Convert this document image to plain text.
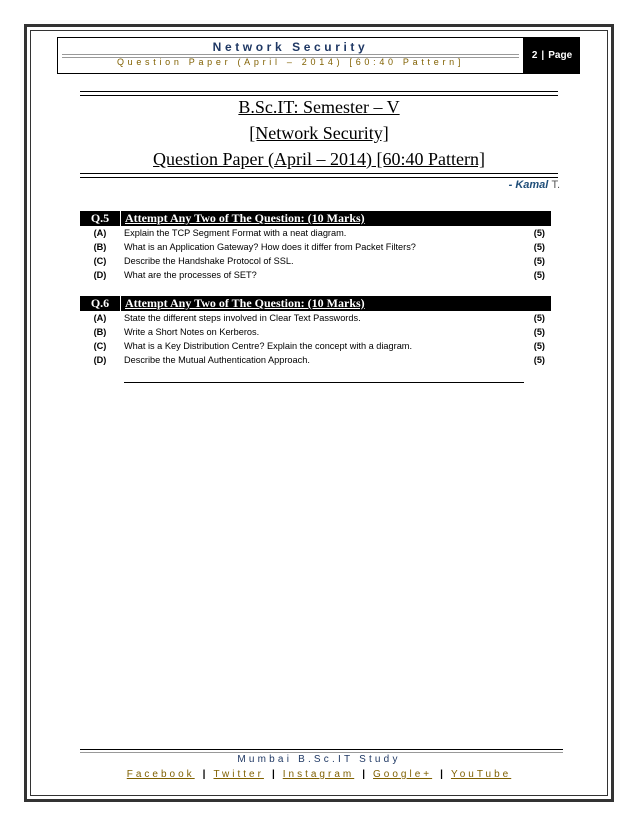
Network Security
Question Paper (April – 2014) [60:40 Pattern]
2 | Page
B.Sc.IT: Semester – V
[Network Security]
Question Paper (April – 2014) [60:40 Pattern]
- Kamal T.
Q.5	Attempt Any Two of The Question: (10 Marks)
(A)	Explain the TCP Segment Format with a neat diagram.	(5)
(B)	What is an Application Gateway? How does it differ from Packet Filters?	(5)
(C)	Describe the Handshake Protocol of SSL.	(5)
(D)	What are the processes of SET?	(5)
Q.6	Attempt Any Two of The Question: (10 Marks)
(A)	State the different steps involved in Clear Text Passwords.	(5)
(B)	Write a Short Notes on Kerberos.	(5)
(C)	What is a Key Distribution Centre? Explain the concept with a diagram.	(5)
(D)	Describe the Mutual Authentication Approach.	(5)
Mumbai B.Sc.IT Study
Facebook | Twitter | Instagram | Google+ | YouTube
